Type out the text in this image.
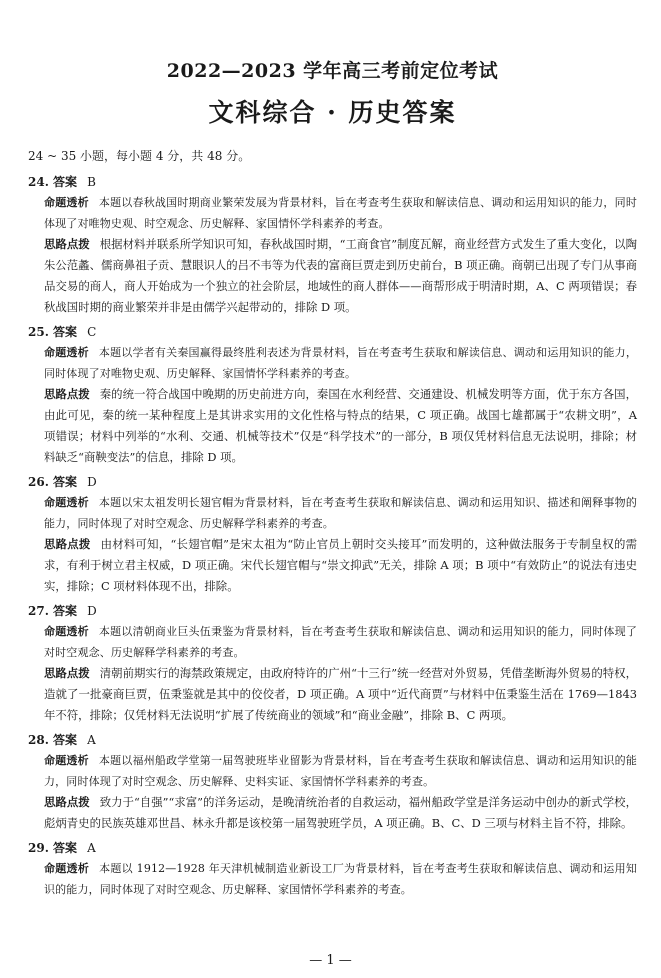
2022—2023 学年高三考前定位考试
文科综合 · 历史答案
24 ~ 35 小题，每小题 4 分，共 48 分。

24. 答案 B

命题透析 本题以春秋战国时期商业繁荣发展为背景材料，旨在考查考生获取和解读信息、调动和运用知识的能力，同时体现了对唯物史观、时空观念、历史解释、家国情怀学科素养的考查。

思路点拨 根据材料并联系所学知识可知，春秋战国时期，“工商食官”制度瓦解，商业经营方式发生了重大变化，以陶朱公范蠡、儒商鼻祖子贡、慧眼识人的吕不韦等为代表的富商巨贾走到历史前台，B 项正确。商朝已出现了专门从事商品交易的商人，商人开始成为一个独立的社会阶层，地域性的商人群体——商帮形成于明清时期，A、C 两项错误；春秋战国时期的商业繁荣并非是由儒学兴起带动的，排除 D 项。

25. 答案 C

命题透析 本题以学者有关秦国赢得最终胜利表述为背景材料，旨在考查考生获取和解读信息、调动和运用知识的能力，同时体现了对唯物史观、历史解释、家国情怀学科素养的考查。

思路点拨 秦的统一符合战国中晚期的历史前进方向，秦国在水利经营、交通建设、机械发明等方面，优于东方各国，由此可见，秦的统一某种程度上是其讲求实用的文化性格与特点的结果，C 项正确。战国七雄都属于“农耕文明”，A 项错误；材料中列举的“水利、交通、机械等技术”仅是“科学技术”的一部分，B 项仅凭材料信息无法说明，排除；材料缺乏“商鞅变法”的信息，排除 D 项。

26. 答案 D

命题透析 本题以宋太祖发明长翅官帽为背景材料，旨在考查考生获取和解读信息、调动和运用知识、描述和阐释事物的能力，同时体现了对时空观念、历史解释学科素养的考查。

思路点拨 由材料可知，“长翅官帽”是宋太祖为“防止官员上朝时交头接耳”而发明的，这种做法服务于专制皇权的需求，有利于树立君主权威，D 项正确。宋代长翅官帽与“崇文抑武”无关，排除 A 项；B 项中“有效防止”的说法有违史实，排除；C 项材料体现不出，排除。

27. 答案 D

命题透析 本题以清朝商业巨头伍秉鉴为背景材料，旨在考查考生获取和解读信息、调动和运用知识的能力，同时体现了对时空观念、历史解释学科素养的考查。

思路点拨 清朝前期实行的海禁政策规定，由政府特许的广州“十三行”统一经营对外贸易，凭借垄断海外贸易的特权，造就了一批豪商巨贾，伍秉鉴就是其中的佼佼者，D 项正确。A 项中“近代商贾”与材料中伍秉鉴生活在 1769—1843 年不符，排除；仅凭材料无法说明“扩展了传统商业的领域”和“商业金融”，排除 B、C 两项。

28. 答案 A

命题透析 本题以福州船政学堂第一届驾驶班毕业留影为背景材料，旨在考查考生获取和解读信息、调动和运用知识的能力，同时体现了对时空观念、历史解释、史料实证、家国情怀学科素养的考查。

思路点拨 致力于“自强”“求富”的洋务运动，是晚清统治者的自救运动，福州船政学堂是洋务运动中创办的新式学校，彪炳青史的民族英雄邓世昌、林永升都是该校第一届驾驶班学员，A 项正确。B、C、D 三项与材料主旨不符，排除。

29. 答案 A

命题透析 本题以 1912—1928 年天津机械制造业新设工厂为背景材料，旨在考查考生获取和解读信息、调动和运用知识的能力，同时体现了对时空观念、历史解释、家国情怀学科素养的考查。

— 1 —
